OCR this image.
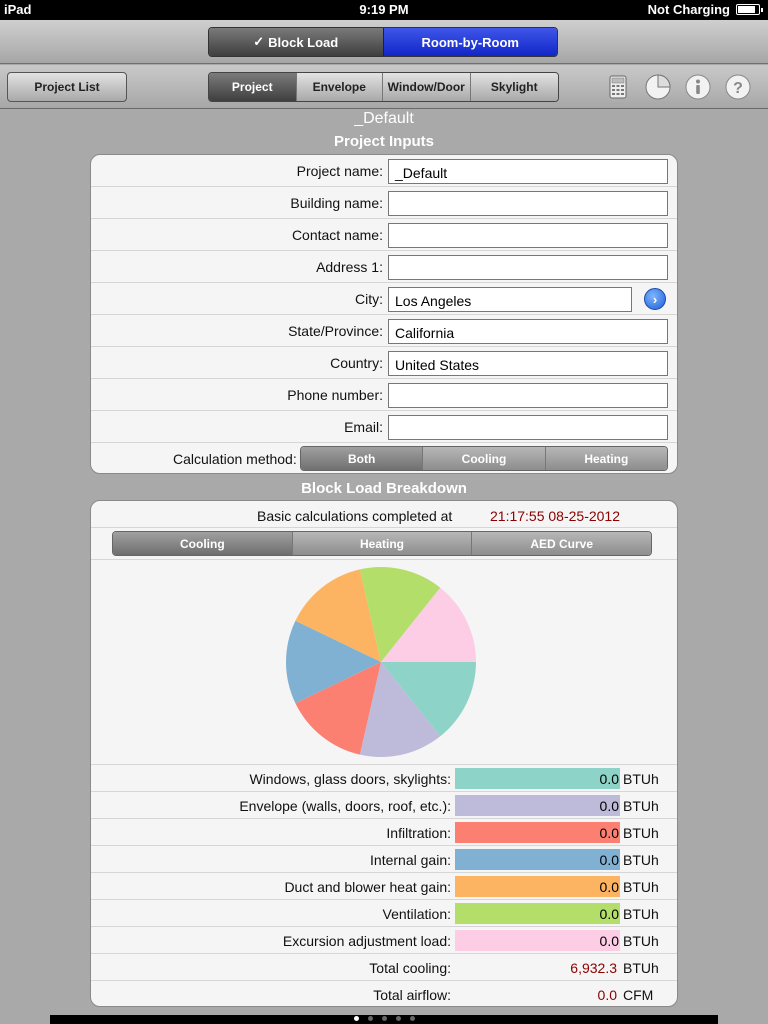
iPad	9:19 PM	Not Charging
✓ Block Load	Room-by-Room
Project List	Project	Envelope	Window/Door	Skylight	?
_Default
Project Inputs
Project name: _Default
Building name:
Contact name:
Address 1:
City: Los Angeles	›
State/Province: California
Country: United States
Phone number:
Email:
Calculation method:	Both	Cooling	Heating
Block Load Breakdown
Basic calculations completed at	21:17:55 08-25-2012
Cooling	Heating	AED Curve
Windows, glass doors, skylights:	0.0 BTUh
Envelope (walls, doors, roof, etc.):	0.0 BTUh
Infiltration:	0.0 BTUh
Internal gain:	0.0 BTUh
Duct and blower heat gain:	0.0 BTUh
Ventilation:	0.0 BTUh
Excursion adjustment load:	0.0 BTUh
Total cooling:	6,932.3 BTUh
Total airflow:	0.0 CFM
